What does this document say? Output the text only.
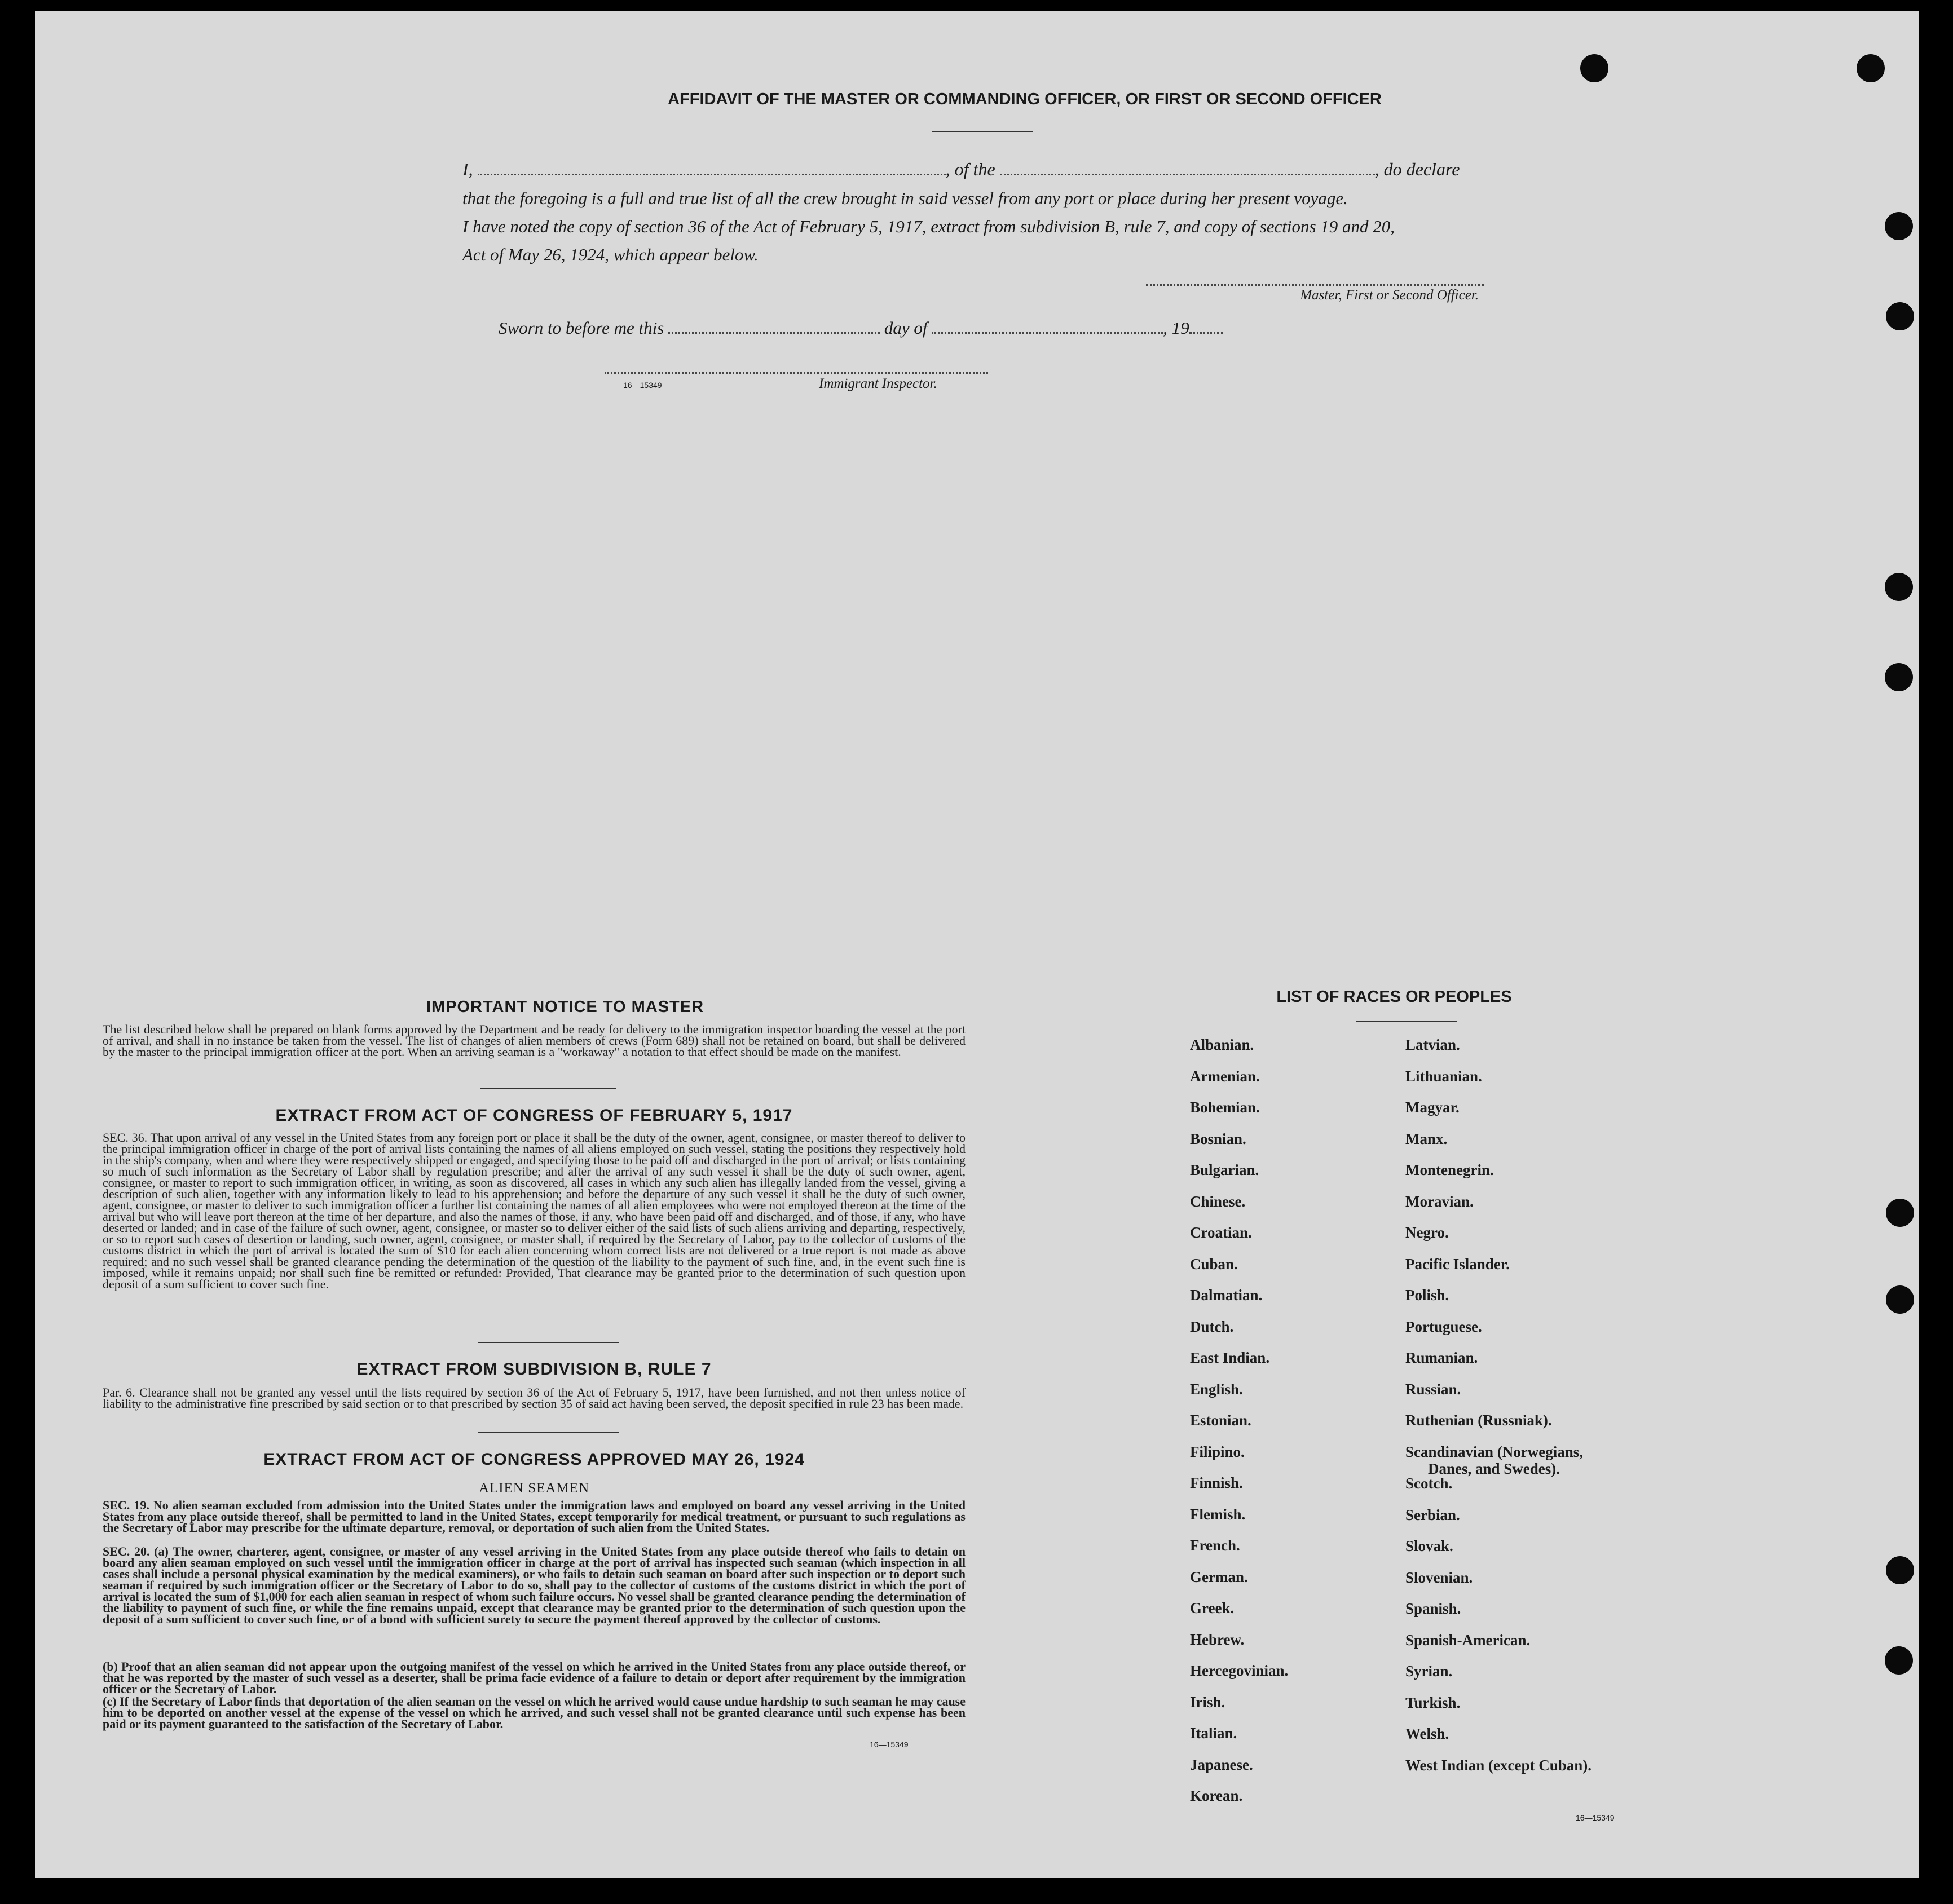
AFFIDAVIT OF THE MASTER OR COMMANDING OFFICER, OR FIRST OR SECOND OFFICER
I,	, of the	, do declare
that the foregoing is a full and true list of all the crew brought in said vessel from any port or place during her present voyage.
I have noted the copy of section 36 of the Act of February 5, 1917, extract from subdivision B, rule 7, and copy of sections 19 and 20,
Act of May 26, 1924, which appear below.
Master, First or Second Officer.
Sworn to before me this	day of	, 19
16—15349	Immigrant Inspector.
IMPORTANT NOTICE TO MASTER
The list described below shall be prepared on blank forms approved by the Department and be ready for delivery to the immigration inspector boarding the vessel at the port of arrival, and shall in no instance be taken from the vessel. The list of changes of alien members of crews (Form 689) shall not be retained on board, but shall be delivered by the master to the principal immigration officer at the port. When an arriving seaman is a "workaway" a notation to that effect should be made on the manifest.
EXTRACT FROM ACT OF CONGRESS OF FEBRUARY 5, 1917
SEC. 36. That upon arrival of any vessel in the United States from any foreign port or place it shall be the duty of the owner, agent, consignee, or master thereof to deliver to the principal immigration officer in charge of the port of arrival lists containing the names of all aliens employed on such vessel, stating the positions they respectively hold in the ship's company, when and where they were respectively shipped or engaged, and specifying those to be paid off and discharged in the port of arrival; or lists containing so much of such information as the Secretary of Labor shall by regulation prescribe; and after the arrival of any such vessel it shall be the duty of such owner, agent, consignee, or master to report to such immigration officer, in writing, as soon as discovered, all cases in which any such alien has illegally landed from the vessel, giving a description of such alien, together with any information likely to lead to his apprehension; and before the departure of any such vessel it shall be the duty of such owner, agent, consignee, or master to deliver to such immigration officer a further list containing the names of all alien employees who were not employed thereon at the time of the arrival but who will leave port thereon at the time of her departure, and also the names of those, if any, who have been paid off and discharged, and of those, if any, who have deserted or landed; and in case of the failure of such owner, agent, consignee, or master so to deliver either of the said lists of such aliens arriving and departing, respectively, or so to report such cases of desertion or landing, such owner, agent, consignee, or master shall, if required by the Secretary of Labor, pay to the collector of customs of the customs district in which the port of arrival is located the sum of $10 for each alien concerning whom correct lists are not delivered or a true report is not made as above required; and no such vessel shall be granted clearance pending the determination of the question of the liability to the payment of such fine, and, in the event such fine is imposed, while it remains unpaid; nor shall such fine be remitted or refunded: Provided, That clearance may be granted prior to the determination of such question upon deposit of a sum sufficient to cover such fine.
EXTRACT FROM SUBDIVISION B, RULE 7
Par. 6. Clearance shall not be granted any vessel until the lists required by section 36 of the Act of February 5, 1917, have been furnished, and not then unless notice of liability to the administrative fine prescribed by said section or to that prescribed by section 35 of said act having been served, the deposit specified in rule 23 has been made.
EXTRACT FROM ACT OF CONGRESS APPROVED MAY 26, 1924
ALIEN SEAMEN
SEC. 19. No alien seaman excluded from admission into the United States under the immigration laws and employed on board any vessel arriving in the United States from any place outside thereof, shall be permitted to land in the United States, except temporarily for medical treatment, or pursuant to such regulations as the Secretary of Labor may prescribe for the ultimate departure, removal, or deportation of such alien from the United States.
SEC. 20. (a) The owner, charterer, agent, consignee, or master of any vessel arriving in the United States from any place outside thereof who fails to detain on board any alien seaman employed on such vessel until the immigration officer in charge at the port of arrival has inspected such seaman (which inspection in all cases shall include a personal physical examination by the medical examiners), or who fails to detain such seaman on board after such inspection or to deport such seaman if required by such immigration officer or the Secretary of Labor to do so, shall pay to the collector of customs of the customs district in which the port of arrival is located the sum of $1,000 for each alien seaman in respect of whom such failure occurs. No vessel shall be granted clearance pending the determination of the liability to payment of such fine, or while the fine remains unpaid, except that clearance may be granted prior to the determination of such question upon the deposit of a sum sufficient to cover such fine, or of a bond with sufficient surety to secure the payment thereof approved by the collector of customs.
(b) Proof that an alien seaman did not appear upon the outgoing manifest of the vessel on which he arrived in the United States from any place outside thereof, or that he was reported by the master of such vessel as a deserter, shall be prima facie evidence of a failure to detain or deport after requirement by the immigration officer or the Secretary of Labor.
(c) If the Secretary of Labor finds that deportation of the alien seaman on the vessel on which he arrived would cause undue hardship to such seaman he may cause him to be deported on another vessel at the expense of the vessel on which he arrived, and such vessel shall not be granted clearance until such expense has been paid or its payment guaranteed to the satisfaction of the Secretary of Labor.
16—15349
LIST OF RACES OR PEOPLES
16—15349
Albanian.
Armenian.
Bohemian.
Bosnian.
Bulgarian.
Chinese.
Croatian.
Cuban.
Dalmatian.
Dutch.
East Indian.
English.
Estonian.
Filipino.
Finnish.
Flemish.
French.
German.
Greek.
Hebrew.
Hercegovinian.
Irish.
Italian.
Japanese.
Korean.
Latvian.
Lithuanian.
Magyar.
Manx.
Montenegrin.
Moravian.
Negro.
Pacific Islander.
Polish.
Portuguese.
Rumanian.
Russian.
Ruthenian (Russniak).
Scandinavian (Norwegians,
Danes, and Swedes).
Scotch.
Serbian.
Slovak.
Slovenian.
Spanish.
Spanish-American.
Syrian.
Turkish.
Welsh.
West Indian (except Cuban).
